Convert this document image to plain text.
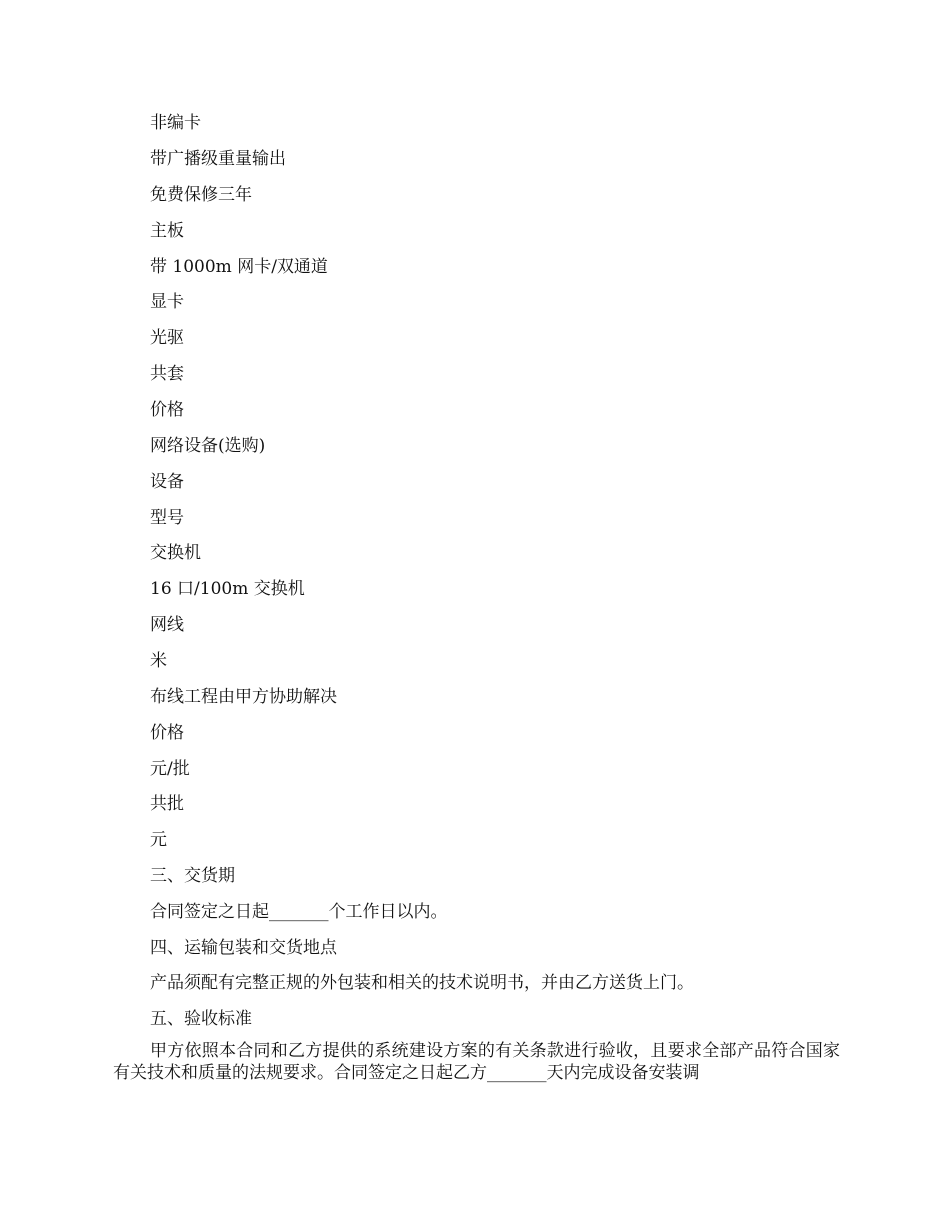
非编卡
带广播级重量输出
免费保修三年
主板
带 1000m 网卡/双通道
显卡
光驱
共套
价格
网络设备(选购)
设备
型号
交换机
16 口/100m 交换机
网线
米
布线工程由甲方协助解决
价格
元/批
共批
元
三、交货期
合同签定之日起_______个工作日以内。
四、运输包装和交货地点
产品须配有完整正规的外包装和相关的技术说明书，并由乙方送货上门。
五、验收标准
甲方依照本合同和乙方提供的系统建设方案的有关条款进行验收，且要求全部产品符合国家有关技术和质量的法规要求。合同签定之日起乙方_______天内完成设备安装调
